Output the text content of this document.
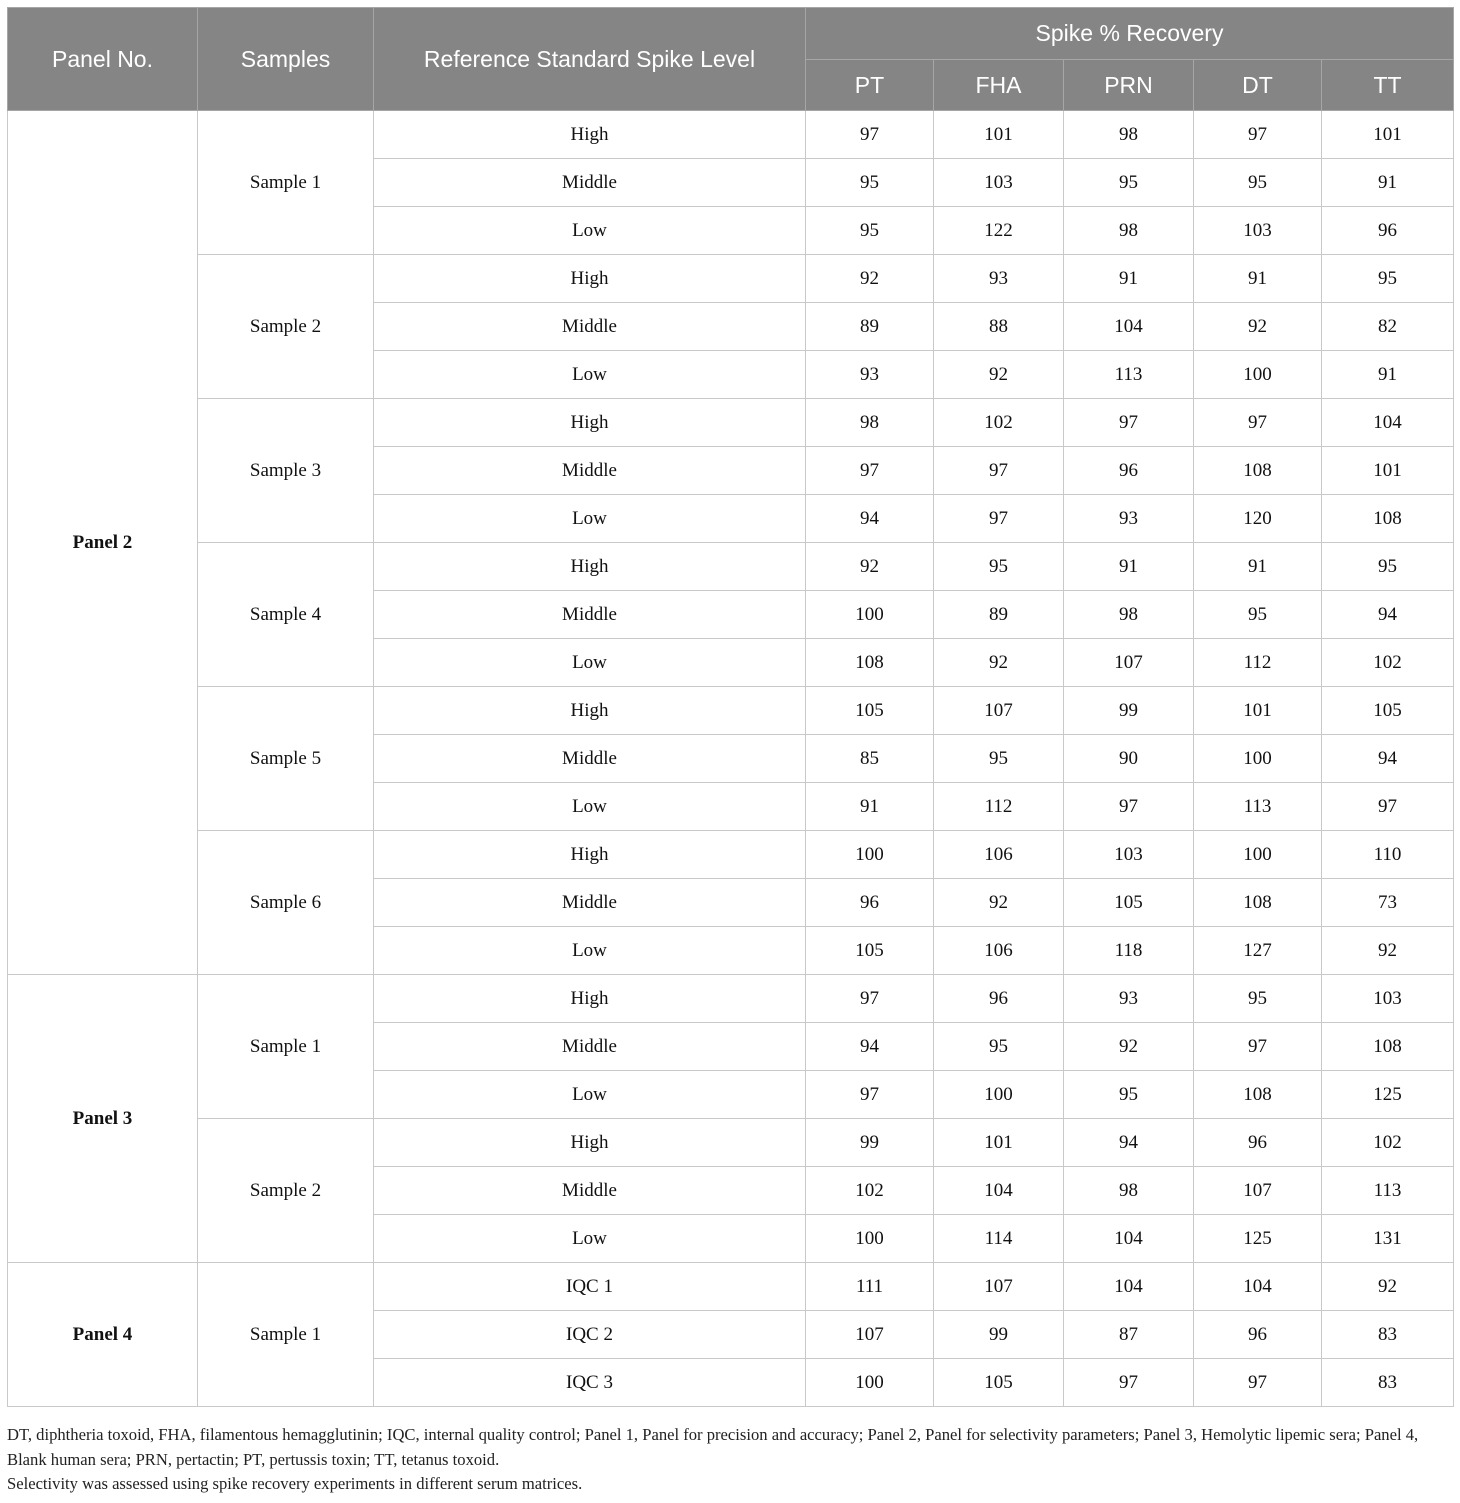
Panel No.	Samples	Reference Standard Spike Level	Spike % Recovery				
			PT	FHA	PRN	DT	TT
Panel 2	Sample 1	High	97	101	98	97	101
		Middle	95	103	95	95	91
		Low	95	122	98	103	96
	Sample 2	High	92	93	91	91	95
		Middle	89	88	104	92	82
		Low	93	92	113	100	91
	Sample 3	High	98	102	97	97	104
		Middle	97	97	96	108	101
		Low	94	97	93	120	108
	Sample 4	High	92	95	91	91	95
		Middle	100	89	98	95	94
		Low	108	92	107	112	102
	Sample 5	High	105	107	99	101	105
		Middle	85	95	90	100	94
		Low	91	112	97	113	97
	Sample 6	High	100	106	103	100	110
		Middle	96	92	105	108	73
		Low	105	106	118	127	92
Panel 3	Sample 1	High	97	96	93	95	103
		Middle	94	95	92	97	108
		Low	97	100	95	108	125
	Sample 2	High	99	101	94	96	102
		Middle	102	104	98	107	113
		Low	100	114	104	125	131
Panel 4	Sample 1	IQC 1	111	107	104	104	92
		IQC 2	107	99	87	96	83
		IQC 3	100	105	97	97	83

DT, diphtheria toxoid, FHA, filamentous hemagglutinin; IQC, internal quality control; Panel 1, Panel for precision and accuracy; Panel 2, Panel for selectivity parameters; Panel 3, Hemolytic lipemic sera; Panel 4, Blank human sera; PRN, pertactin; PT, pertussis toxin; TT, tetanus toxoid.

Selectivity was assessed using spike recovery experiments in different serum matrices.
